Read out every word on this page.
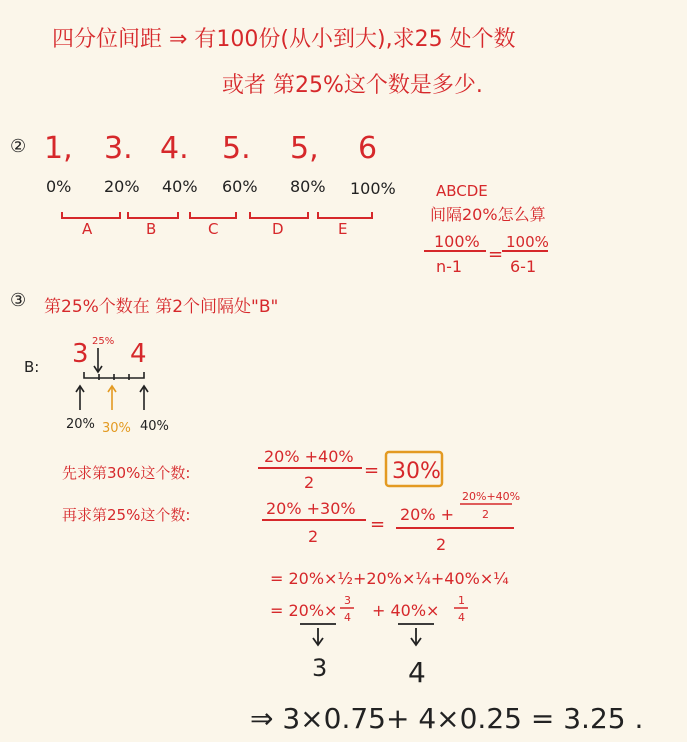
四分位间距 ⇒ 有100份(从小到大),求25 处个数
或者 第25%这个数是多少.
② 1, 3. 4. 5. 5, 6
0% 20% 40% 60% 80% 100%
A	B	C	D	E
ABCDE
间隔20%怎么算
100%
n-1
=
100%
6-1
③ 第25%个数在 第2个间隔处"B"
B: 3 4
25%
20% 30% 40%
先求第30%这个数:
20% +40%
2
= 30%
再求第25%这个数:	20% +30%
2
= 20% +
20%+40%
2
2
= 20%×½+20%×¼+40%×¼
= 20%×
3
4 + 40%×
1
4
3	4
⇒ 3×0.75+ 4×0.25 = 3.25 .
